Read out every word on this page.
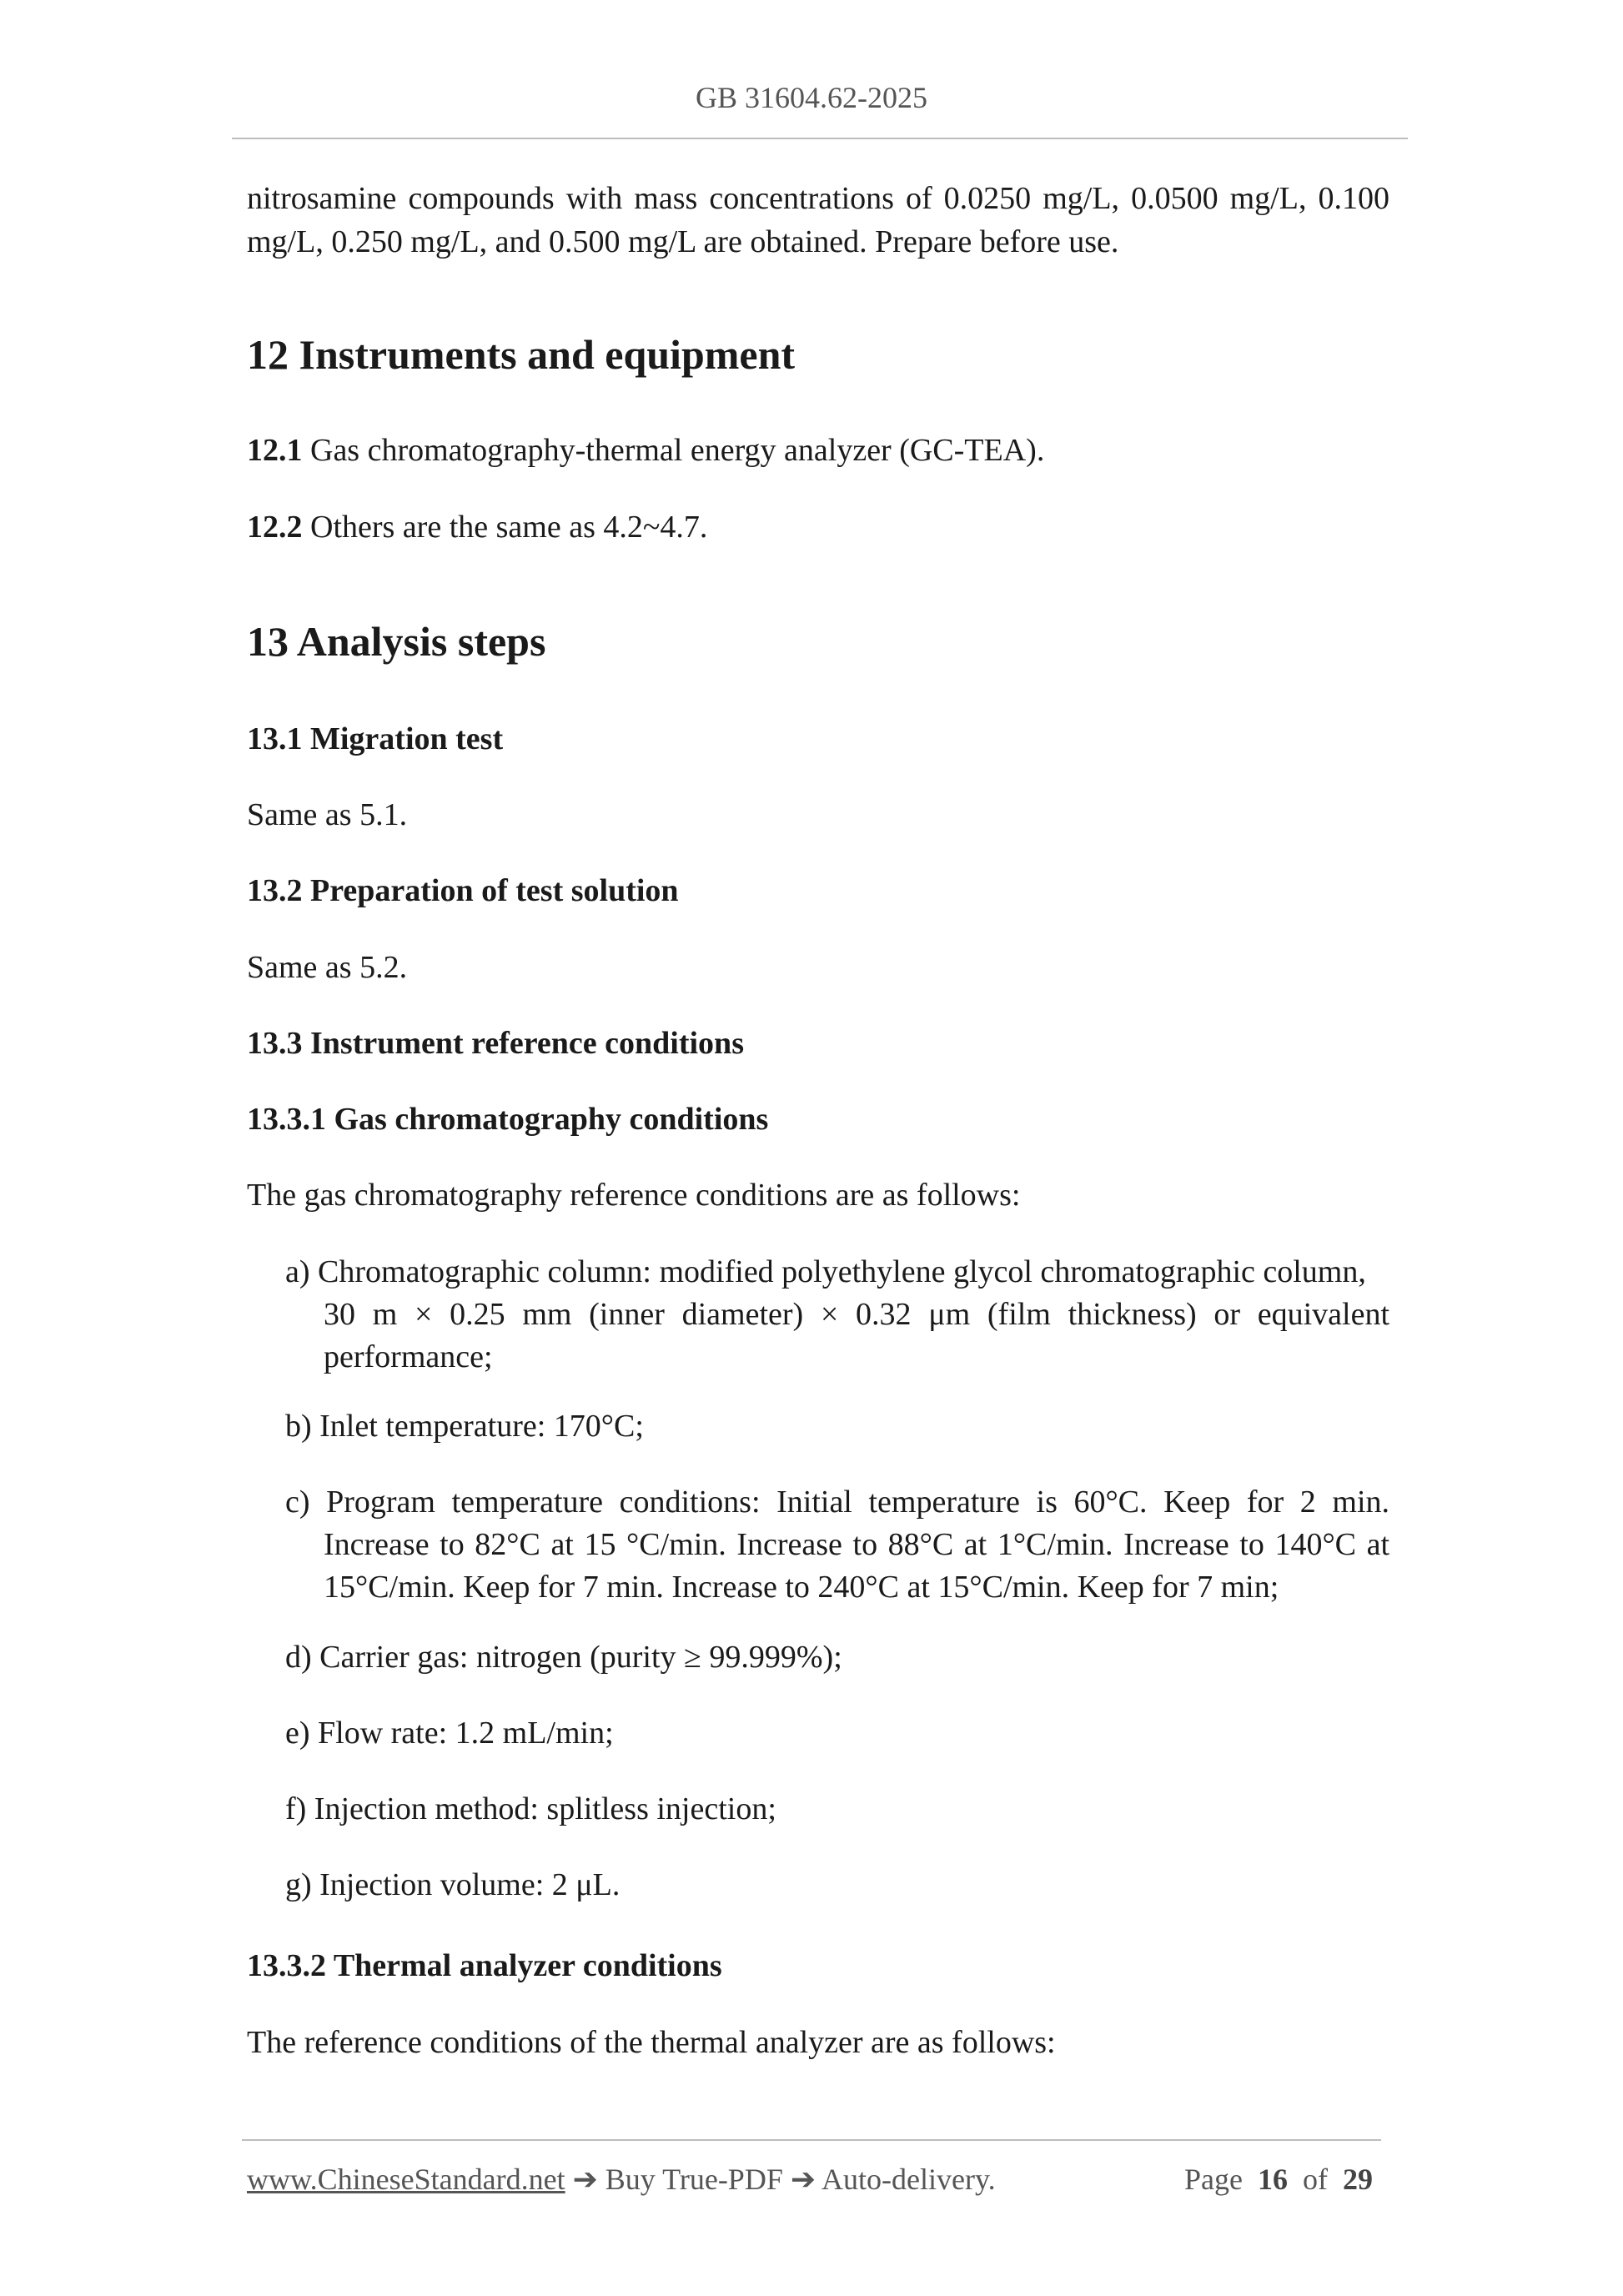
GB 31604.62-2025
nitrosamine compounds with mass concentrations of 0.0250 mg/L, 0.0500 mg/L, 0.100 mg/L, 0.250 mg/L, and 0.500 mg/L are obtained. Prepare before use.
12 Instruments and equipment
12.1 Gas chromatography-thermal energy analyzer (GC-TEA).
12.2 Others are the same as 4.2~4.7.
13 Analysis steps
13.1 Migration test
Same as 5.1.
13.2 Preparation of test solution
Same as 5.2.
13.3 Instrument reference conditions
13.3.1 Gas chromatography conditions
The gas chromatography reference conditions are as follows:
a) Chromatographic column: modified polyethylene glycol chromatographic column,
30 m × 0.25 mm (inner diameter) × 0.32 μm (film thickness) or equivalent performance;
b) Inlet temperature: 170°C;
c) Program temperature conditions: Initial temperature is 60°C. Keep for 2 min.
Increase to 82°C at 15 °C/min. Increase to 88°C at 1°C/min. Increase to 140°C at 15°C/min. Keep for 7 min. Increase to 240°C at 15°C/min. Keep for 7 min;
d) Carrier gas: nitrogen (purity ≥ 99.999%);
e) Flow rate: 1.2 mL/min;
f) Injection method: splitless injection;
g) Injection volume: 2 μL.
13.3.2 Thermal analyzer conditions
The reference conditions of the thermal analyzer are as follows:
www.ChineseStandard.net ➔ Buy True-PDF ➔ Auto-delivery.	Page 16 of 29
